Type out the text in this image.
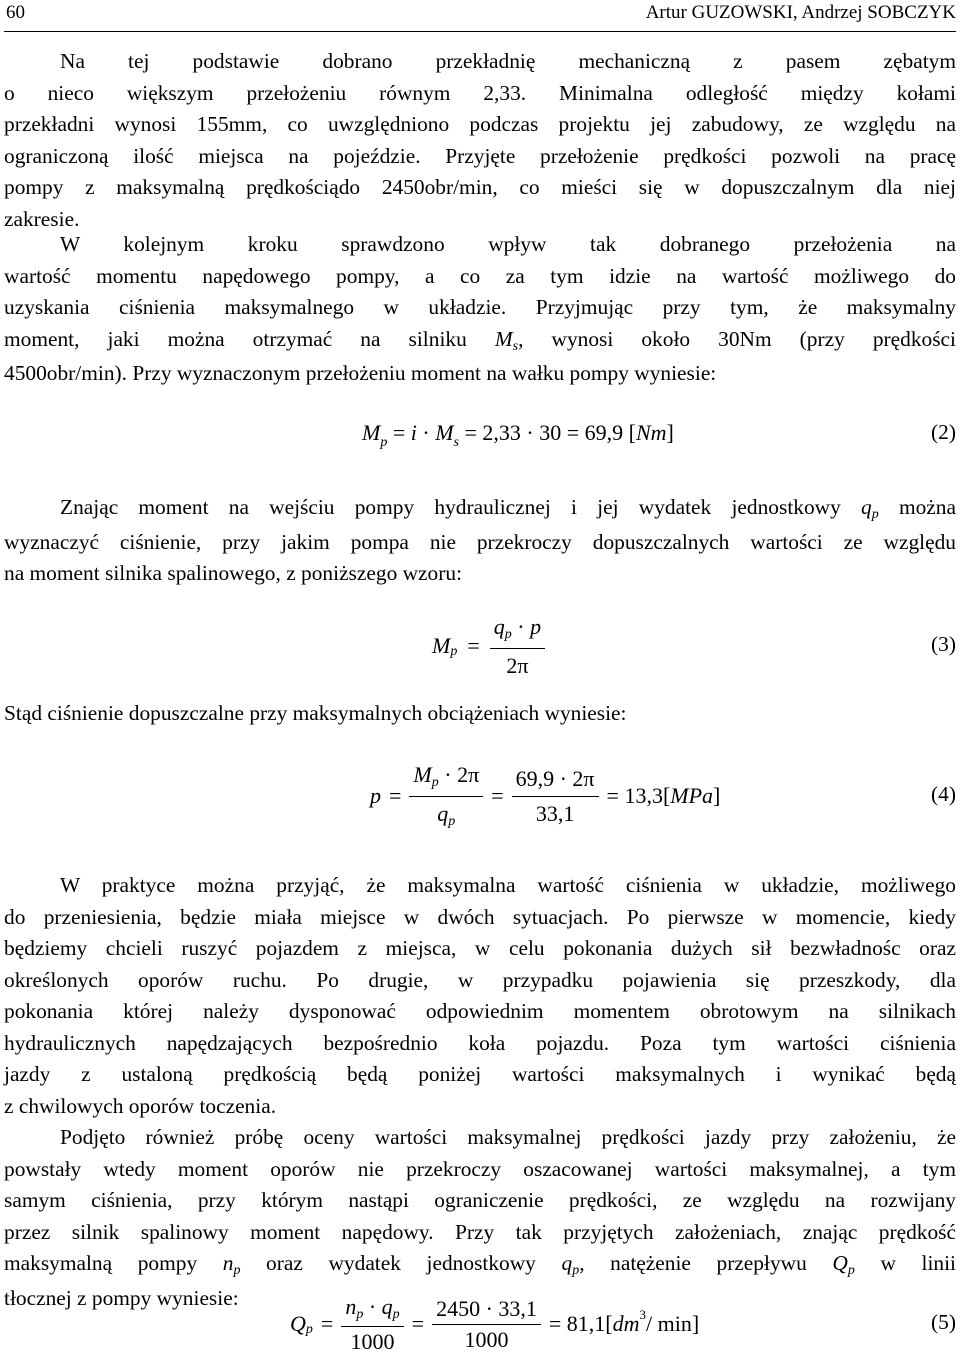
60	Artur GUZOWSKI, Andrzej SOBCZYK
Na tej podstawie dobrano przekładnię mechaniczną z pasem zębatym
o nieco większym przełożeniu równym 2,33. Minimalna odległość między kołami
przekładni wynosi 155mm, co uwzględniono podczas projektu jej zabudowy, ze względu na
ograniczoną ilość miejsca na pojeździe. Przyjęte przełożenie prędkości pozwoli na pracę
pompy z maksymalną prędkościądo 2450obr/min, co mieści się w dopuszczalnym dla niej
zakresie.
W kolejnym kroku sprawdzono wpływ tak dobranego przełożenia na
wartość momentu napędowego pompy, a co za tym idzie na wartość możliwego do
uzyskania ciśnienia maksymalnego w układzie. Przyjmując przy tym, że maksymalny
moment, jaki można otrzymać na silniku Ms, wynosi około 30Nm (przy prędkości
4500obr/min). Przy wyznaczonym przełożeniu moment na wałku pompy wyniesie:
$M_p = i \cdot M_s = 2,33 \cdot 30 = 69,9$ [Nm]	(2)
Znając moment na wejściu pompy hydraulicznej i jej wydatek jednostkowy qp można
wyznaczyć ciśnienie, przy jakim pompa nie przekroczy dopuszczalnych wartości ze względu
na moment silnika spalinowego, z poniższego wzoru:
M $p = \frac{qp \cdot p}{2\pi}$	(3)
Stąd ciśnienie dopuszczalne przy maksymalnych obciążeniach wyniesie:
$p = \frac{Mp \cdot 2\pi}{qp} = \frac{69,9 \cdot 2\pi}{33,1} = 13,3$[ MPa ]	(4)
W praktyce można przyjąć, że maksymalna wartość ciśnienia w układzie, możliwego
do przeniesienia, będzie miała miejsce w dwóch sytuacjach. Po pierwsze w momencie, kiedy
będziemy chcieli ruszyć pojazdem z miejsca, w celu pokonania dużych sił bezwładnośc oraz
określonych oporów ruchu. Po drugie, w przypadku pojawienia się przeszkody, dla
pokonania której należy dysponować odpowiednim momentem obrotowym na silnikach
hydraulicznych napędzających bezpośrednio koła pojazdu. Poza tym wartości ciśnienia
jazdy z ustaloną prędkością będą poniżej wartości maksymalnych i wynikać będą
z chwilowych oporów toczenia.
Podjęto również próbę oceny wartości maksymalnej prędkości jazdy przy założeniu, że
powstały wtedy moment oporów nie przekroczy oszacowanej wartości maksymalnej, a tym
samym ciśnienia, przy którym nastąpi ograniczenie prędkości, ze względu na rozwijany
przez silnik spalinowy moment napędowy. Przy tak przyjętych założeniach, znając prędkość
maksymalną pompy np oraz wydatek jednostkowy qp, natężenie przepływu Qp w linii
tłocznej z pompy wyniesie:
Q $p = \frac{np \cdot qp}{1000} = \frac{2450 \cdot 33,1}{1000} = 81,1$[ dm 3 / min]	(5)
